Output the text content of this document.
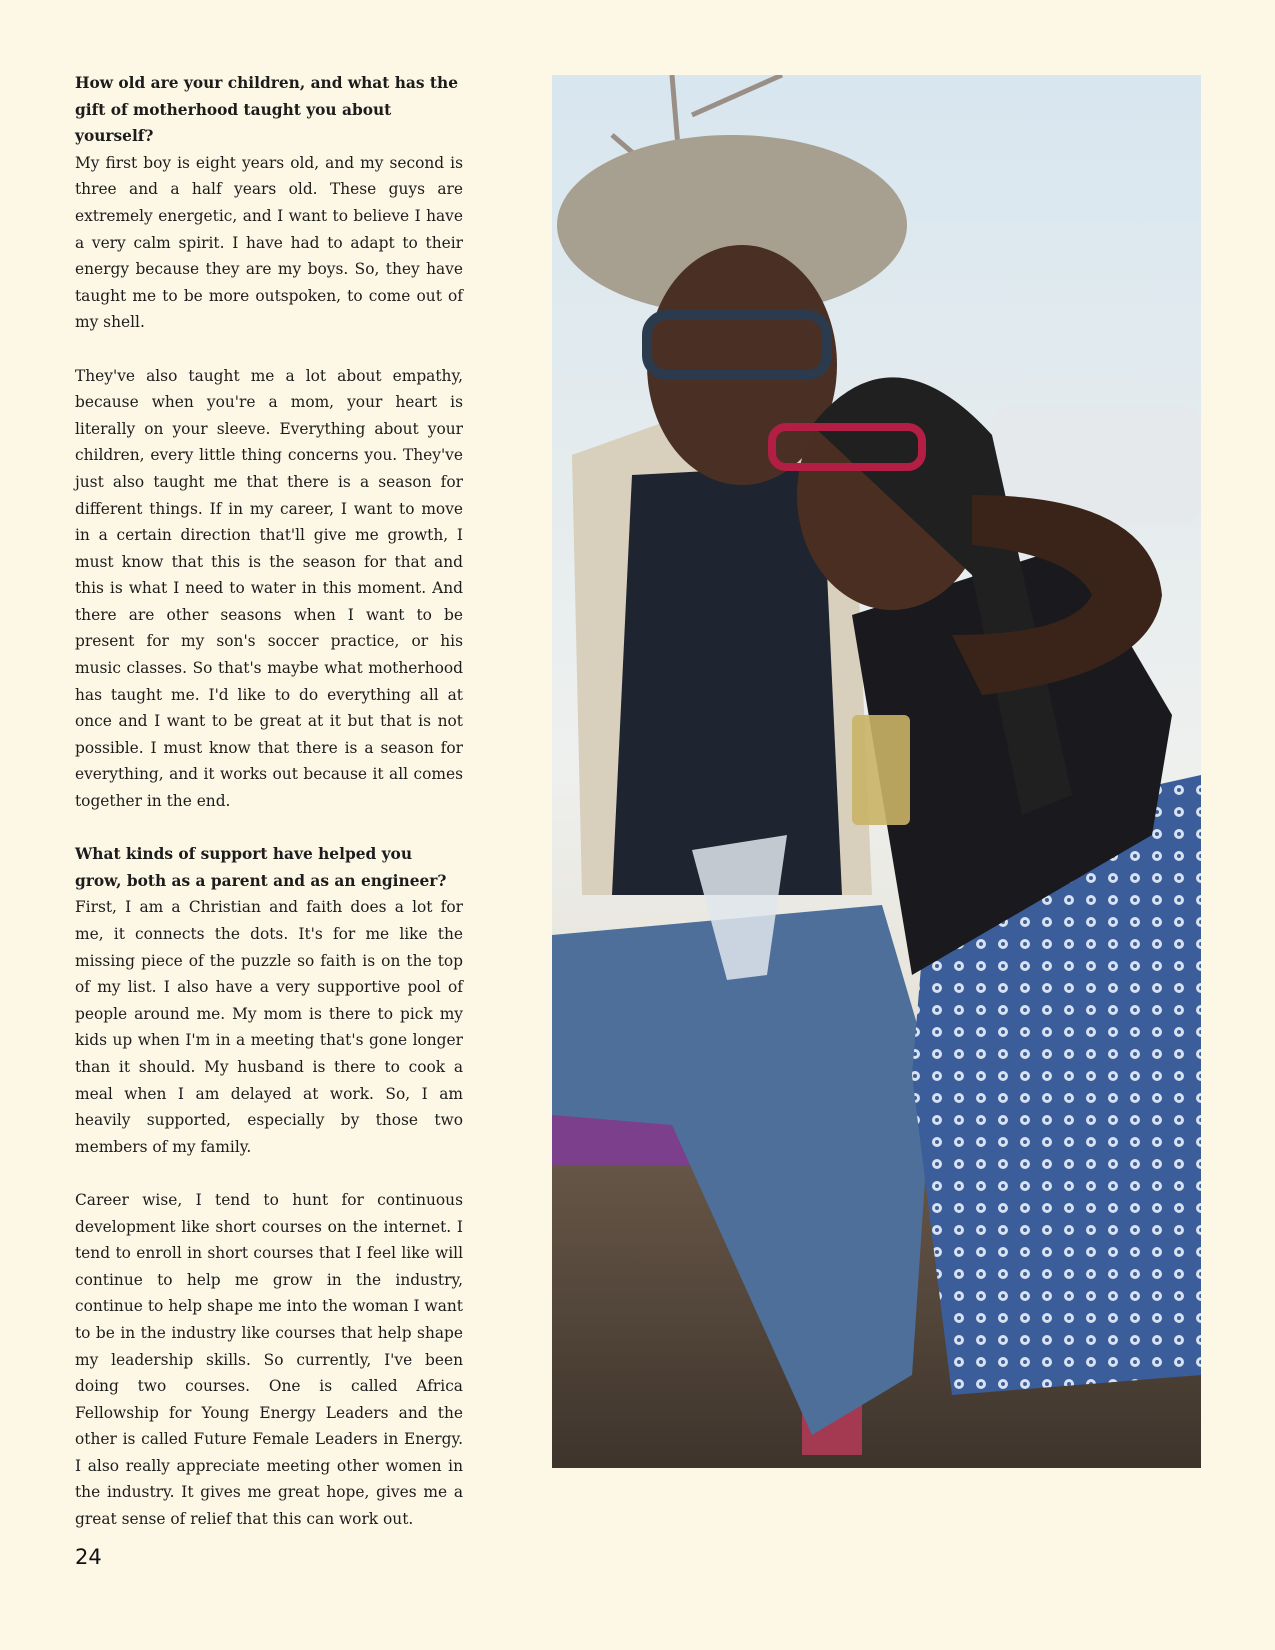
How old are your children, and what has the gift of motherhood taught you about yourself?

My first boy is eight years old, and my second is three and a half years old. These guys are extremely energetic, and I want to believe I have a very calm spirit. I have had to adapt to their energy because they are my boys. So, they have taught me to be more outspoken, to come out of my shell.

They've also taught me a lot about empathy, because when you're a mom, your heart is literally on your sleeve. Everything about your children, every little thing concerns you. They've just also taught me that there is a season for different things. If in my career, I want to move in a certain direction that'll give me growth, I must know that this is the season for that and this is what I need to water in this moment. And there are other seasons when I want to be present for my son's soccer practice, or his music classes. So that's maybe what motherhood has taught me. I'd like to do everything all at once and I want to be great at it but that is not possible. I must know that there is a season for everything, and it works out because it all comes together in the end.

What kinds of support have helped you grow, both as a parent and as an engineer?

First, I am a Christian and faith does a lot for me, it connects the dots. It's for me like the missing piece of the puzzle so faith is on the top of my list. I also have a very supportive pool of people around me. My mom is there to pick my kids up when I'm in a meeting that's gone longer than it should. My husband is there to cook a meal when I am delayed at work. So, I am heavily supported, especially by those two members of my family.

Career wise, I tend to hunt for continuous development like short courses on the internet. I tend to enroll in short courses that I feel like will continue to help me grow in the industry, continue to help shape me into the woman I want to be in the industry like courses that help shape my leadership skills. So currently, I've been doing two courses. One is called Africa Fellowship for Young Energy Leaders and the other is called Future Female Leaders in Energy. I also really appreciate meeting other women in the industry. It gives me great hope, gives me a great sense of relief that this can work out.

24
